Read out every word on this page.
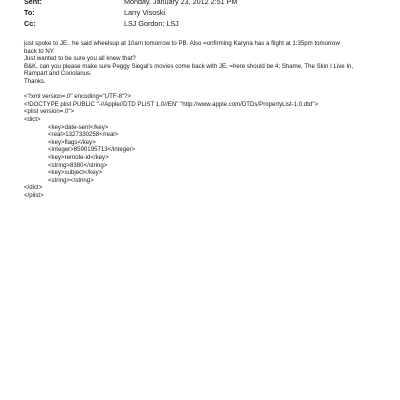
Sent:	Monday, January 23, 2012 2:51 PM
To:	Larry Visoski
Cc:	LSJ Gordon; LSJ
just spoke to JE.. he said wheelsup at 10am tomorrow to PB. Also =onfirming Karyna has a flight at 1:35pm tomorrow
back to NY.
Just wanted to be sure you all knew that?
B&K, can you please make sure Peggy Siegal's movies come back with JE, =here should be 4; Shame, The Skin I Live In,
Rampart and Coriolanus.
Thanks.
<?xml version=.0" encoding="UTF-8"?>
<!DOCTYPE plist PUBLIC "-//Apple//DTD PLIST 1.0//EN" "http://www.apple.com/DTDs/PropertyList-1.0.dtd">
<plist version=.0">
<dict>
<key>date-sent</key>
<real>1327330258</real>
<key>flags</key>
<integer>8590195713</integer>
<key>remote-id</key>
<string>8380</string>
<key>subject</key>
<string></string>
</dict>
</plist>
